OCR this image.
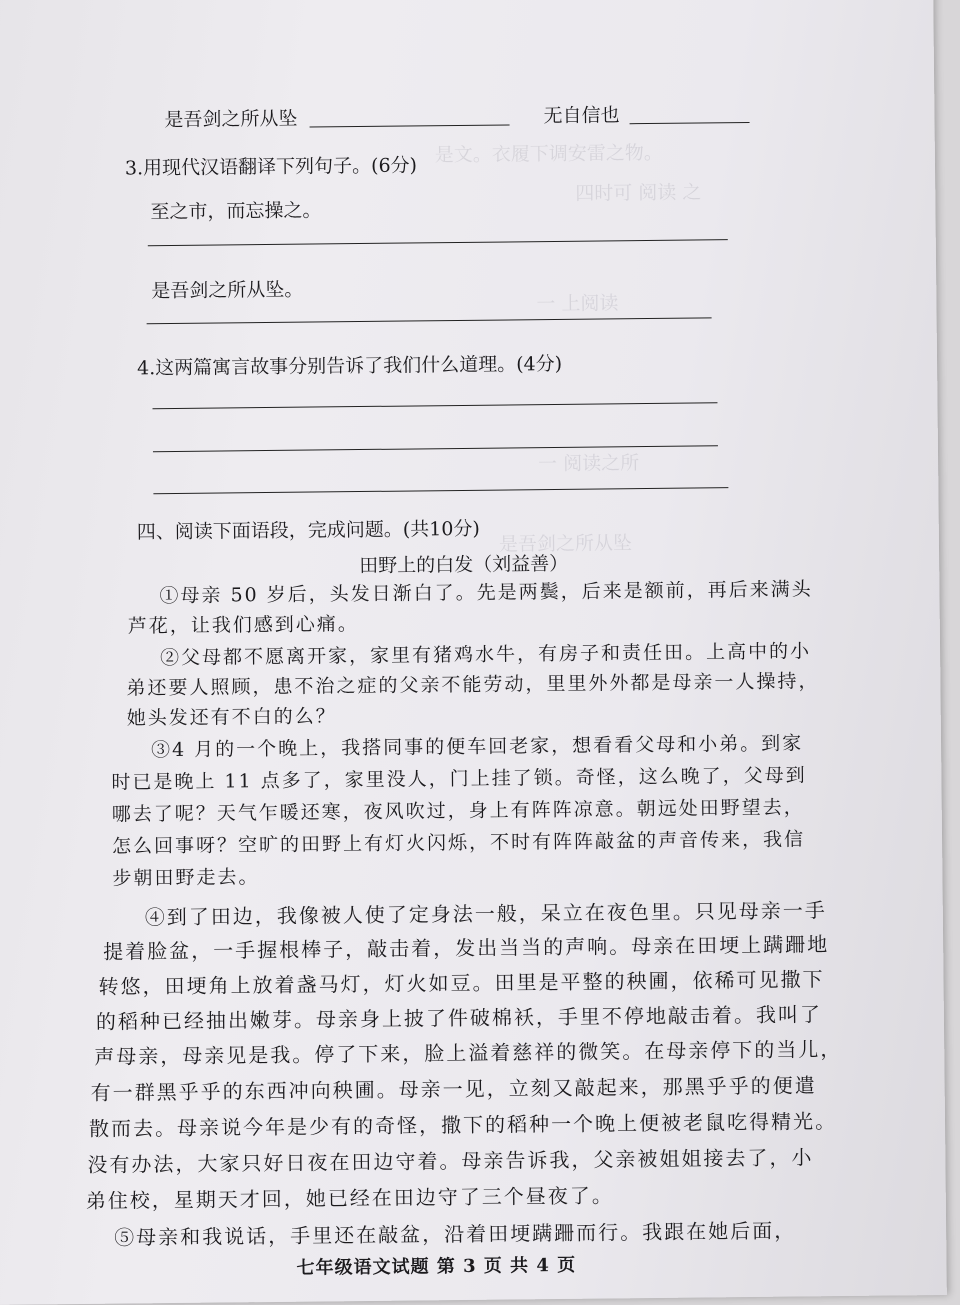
是文。衣履下调安雷之物。
四时可 阅读 之
一 上阅读
一 阅读之所
是吾剑之所从坠
是吾剑之所从坠	无自信也
3.用现代汉语翻译下列句子。(6分)
至之市，而忘操之。
是吾剑之所从坠。
4.这两篇寓言故事分别告诉了我们什么道理。(4分)
四、阅读下面语段，完成问题。(共10分)
田野上的白发（刘益善）
①母亲 50 岁后，头发日渐白了。先是两鬓，后来是额前，再后来满头
芦花，让我们感到心痛。
②父母都不愿离开家，家里有猪鸡水牛，有房子和责任田。上高中的小
弟还要人照顾，患不治之症的父亲不能劳动，里里外外都是母亲一人操持，
她头发还有不白的么？
③4 月的一个晚上，我搭同事的便车回老家，想看看父母和小弟。到家
时已是晚上 11 点多了，家里没人，门上挂了锁。奇怪，这么晚了，父母到
哪去了呢？天气乍暖还寒，夜风吹过，身上有阵阵凉意。朝远处田野望去，
怎么回事呀？空旷的田野上有灯火闪烁，不时有阵阵敲盆的声音传来，我信
步朝田野走去。
④到了田边，我像被人使了定身法一般，呆立在夜色里。只见母亲一手
提着脸盆，一手握根棒子，敲击着，发出当当的声响。母亲在田埂上蹒跚地
转悠，田埂角上放着盏马灯，灯火如豆。田里是平整的秧圃，依稀可见撒下
的稻种已经抽出嫩芽。母亲身上披了件破棉袄，手里不停地敲击着。我叫了
声母亲，母亲见是我。停了下来，脸上溢着慈祥的微笑。在母亲停下的当儿，
有一群黑乎乎的东西冲向秧圃。母亲一见，立刻又敲起来，那黑乎乎的便遣
散而去。母亲说今年是少有的奇怪，撒下的稻种一个晚上便被老鼠吃得精光。
没有办法，大家只好日夜在田边守着。母亲告诉我，父亲被姐姐接去了，小
弟住校，星期天才回，她已经在田边守了三个昼夜了。
⑤母亲和我说话，手里还在敲盆，沿着田埂蹒跚而行。我跟在她后面，
七年级语文试题 第 3 页 共 4 页
